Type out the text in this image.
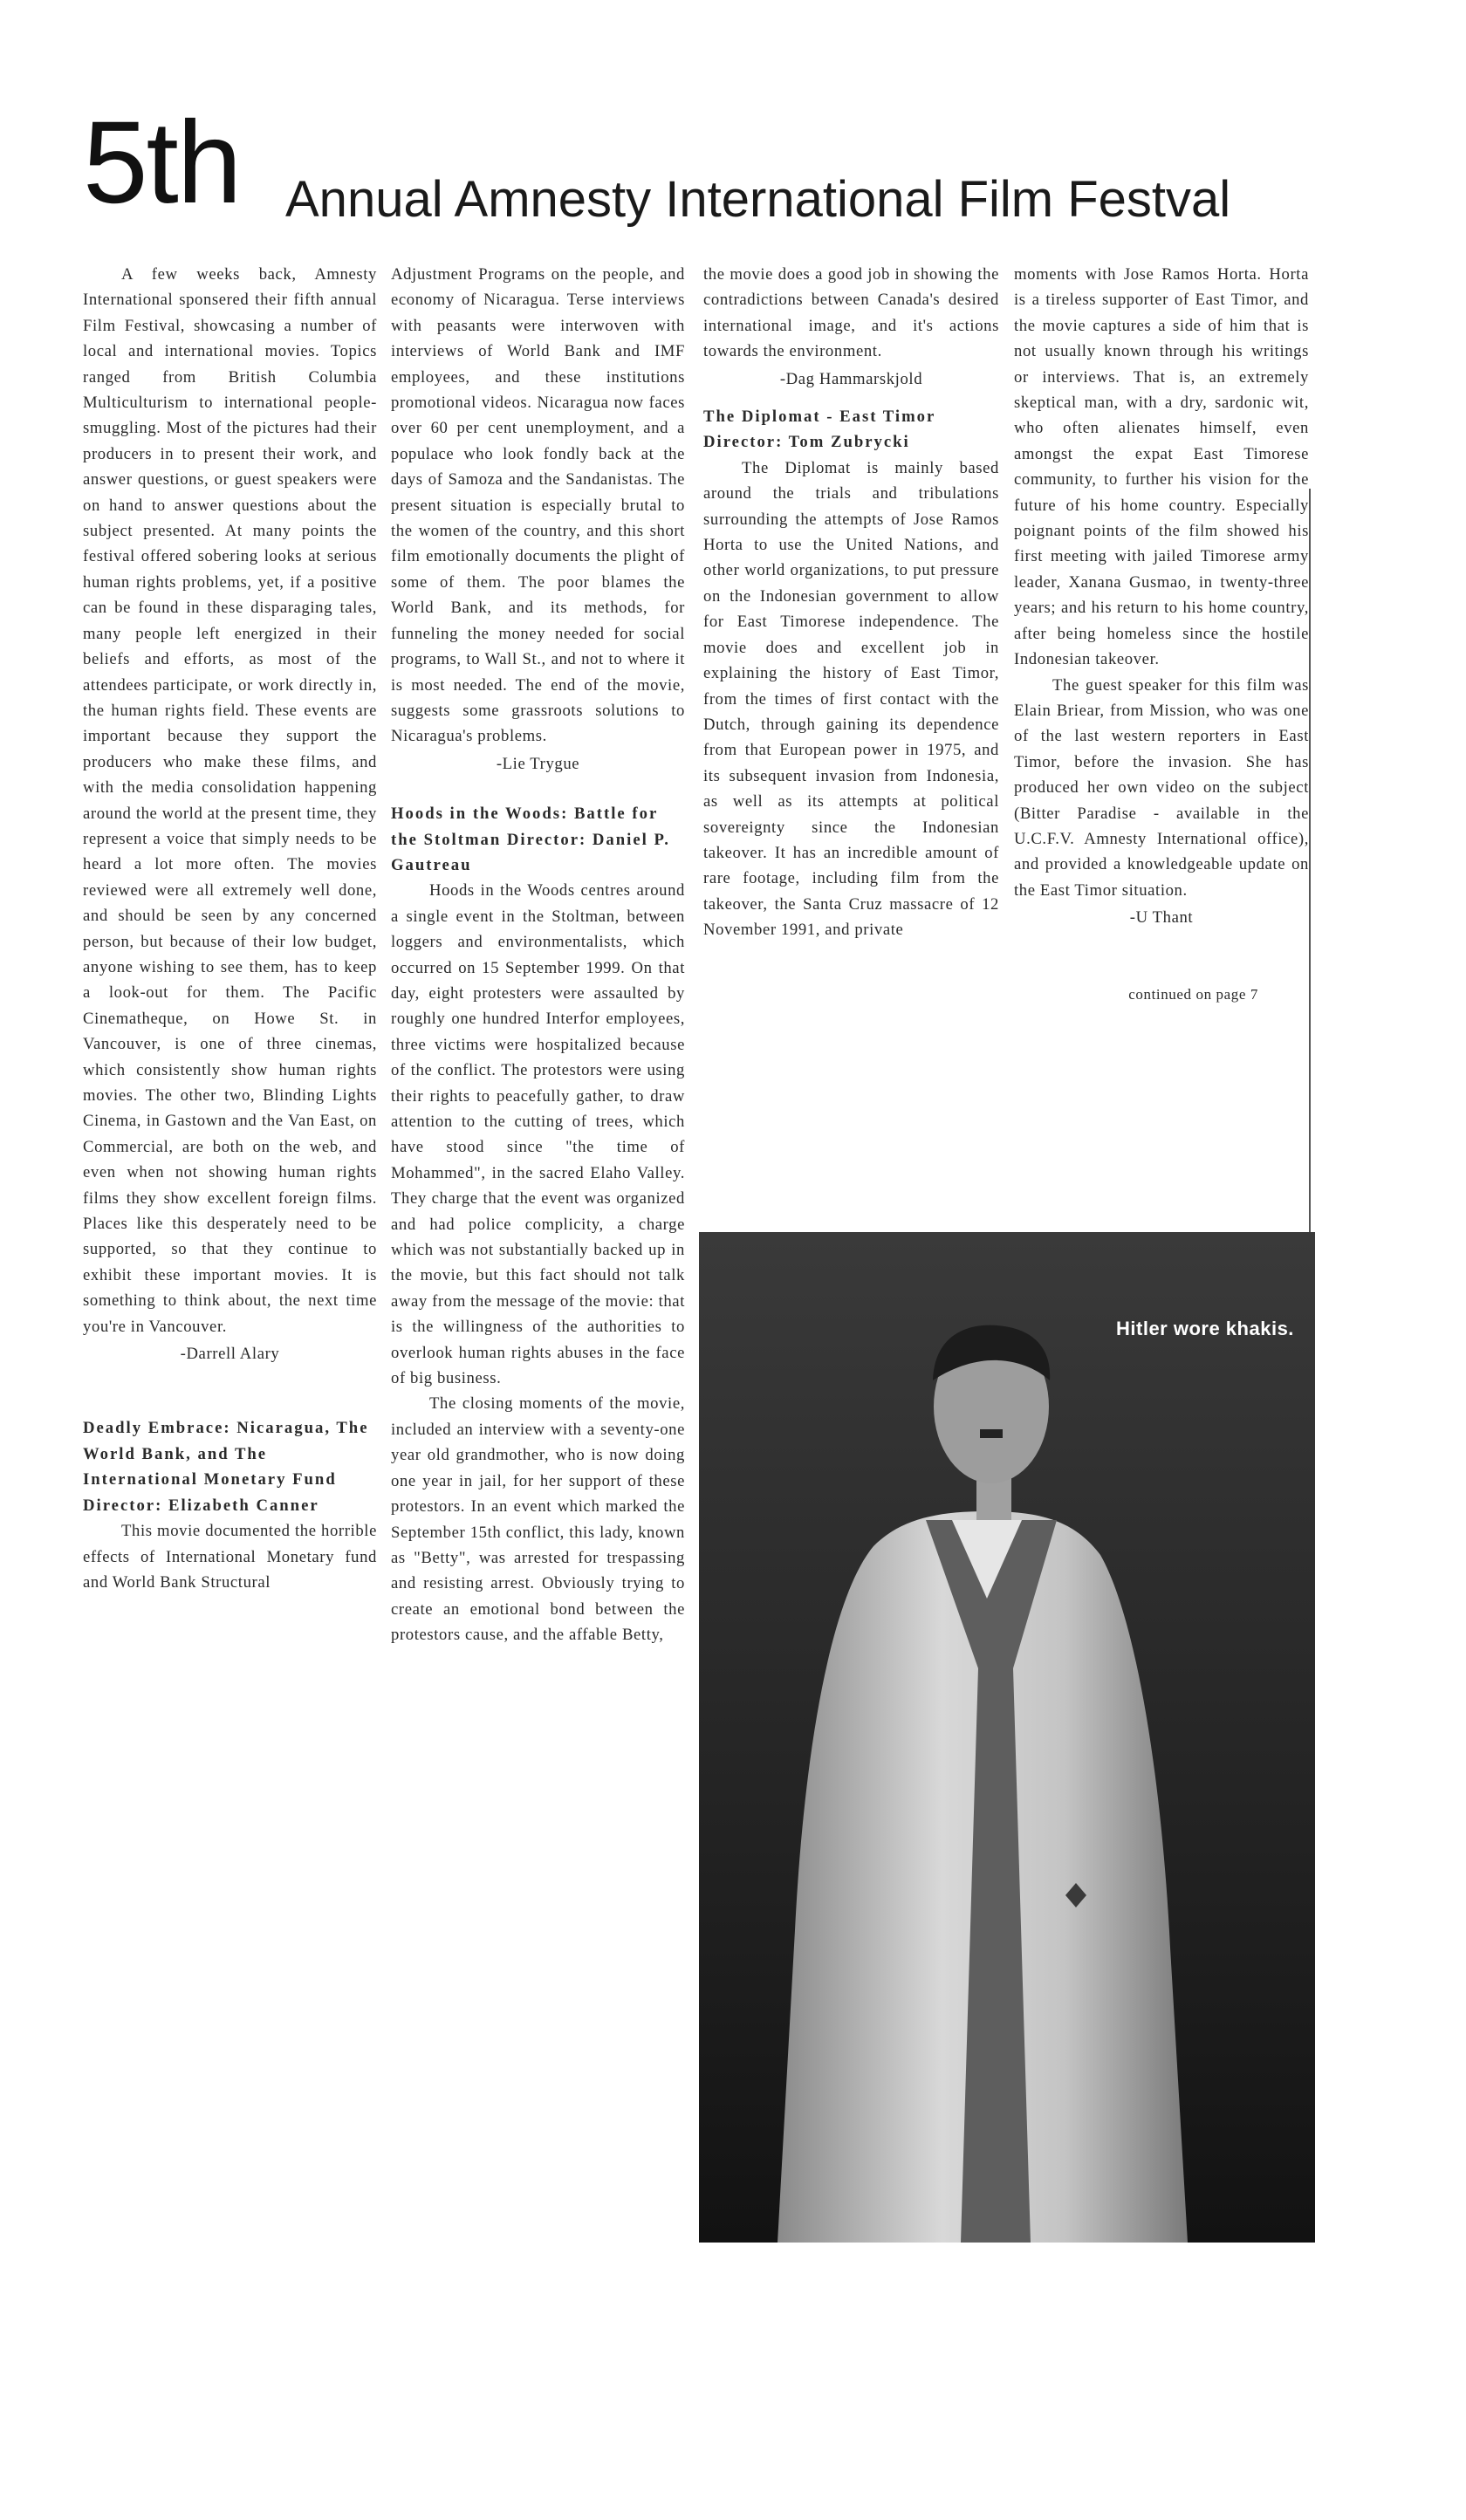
5th Annual Amnesty International Film Festval

A few weeks back, Amnesty International sponsered their fifth annual Film Festival, showcasing a number of local and international movies. Topics ranged from British Columbia Multiculturism to international people-smuggling. Most of the pictures had their producers in to present their work, and answer questions, or guest speakers were on hand to answer questions about the subject presented. At many points the festival offered sobering looks at serious human rights problems, yet, if a positive can be found in these disparaging tales, many people left energized in their beliefs and efforts, as most of the attendees participate, or work directly in, the human rights field. These events are important because they support the producers who make these films, and with the media consolidation happening around the world at the present time, they represent a voice that simply needs to be heard a lot more often. The movies reviewed were all extremely well done, and should be seen by any concerned person, but because of their low budget, anyone wishing to see them, has to keep a look-out for them. The Pacific Cinematheque, on Howe St. in Vancouver, is one of three cinemas, which consistently show human rights movies. The other two, Blinding Lights Cinema, in Gastown and the Van East, on Commercial, are both on the web, and even when not showing human rights films they show excellent foreign films. Places like this desperately need to be supported, so that they continue to exhibit these important movies. It is something to think about, the next time you're in Vancouver.

-Darrell Alary

Deadly Embrace: Nicaragua, The World Bank, and The International Monetary Fund Director: Elizabeth Canner

This movie documented the horrible effects of International Monetary fund and World Bank Structural

Adjustment Programs on the people, and economy of Nicaragua. Terse interviews with peasants were interwoven with interviews of World Bank and IMF employees, and these institutions promotional videos. Nicaragua now faces over 60 per cent unemployment, and a populace who look fondly back at the days of Samoza and the Sandanistas. The present situation is especially brutal to the women of the country, and this short film emotionally documents the plight of some of them. The poor blames the World Bank, and its methods, for funneling the money needed for social programs, to Wall St., and not to where it is most needed. The end of the movie, suggests some grassroots solutions to Nicaragua's problems.

-Lie Trygue

Hoods in the Woods: Battle for the Stoltman Director: Daniel P. Gautreau

Hoods in the Woods centres around a single event in the Stoltman, between loggers and environmentalists, which occurred on 15 September 1999. On that day, eight protesters were assaulted by roughly one hundred Interfor employees, three victims were hospitalized because of the conflict. The protestors were using their rights to peacefully gather, to draw attention to the cutting of trees, which have stood since "the time of Mohammed", in the sacred Elaho Valley. They charge that the event was organized and had police complicity, a charge which was not substantially backed up in the movie, but this fact should not talk away from the message of the movie: that is the willingness of the authorities to overlook human rights abuses in the face of big business.

The closing moments of the movie, included an interview with a seventy-one year old grandmother, who is now doing one year in jail, for her support of these protestors. In an event which marked the September 15th conflict, this lady, known as "Betty", was arrested for trespassing and resisting arrest. Obviously trying to create an emotional bond between the protestors cause, and the affable Betty,

the movie does a good job in showing the contradictions between Canada's desired international image, and it's actions towards the environment.

-Dag Hammarskjold

The Diplomat - East Timor Director: Tom Zubrycki

The Diplomat is mainly based around the trials and tribulations surrounding the attempts of Jose Ramos Horta to use the United Nations, and other world organizations, to put pressure on the Indonesian government to allow for East Timorese independence. The movie does and excellent job in explaining the history of East Timor, from the times of first contact with the Dutch, through gaining its dependence from that European power in 1975, and its subsequent invasion from Indonesia, as well as its attempts at political sovereignty since the Indonesian takeover. It has an incredible amount of rare footage, including film from the takeover, the Santa Cruz massacre of 12 November 1991, and private

moments with Jose Ramos Horta. Horta is a tireless supporter of East Timor, and the movie captures a side of him that is not usually known through his writings or interviews. That is, an extremely skeptical man, with a dry, sardonic wit, who often alienates himself, even amongst the expat East Timorese community, to further his vision for the future of his home country. Especially poignant points of the film showed his first meeting with jailed Timorese army leader, Xanana Gusmao, in twenty-three years; and his return to his home country, after being homeless since the hostile Indonesian takeover.

The guest speaker for this film was Elain Briear, from Mission, who was one of the last western reporters in East Timor, before the invasion. She has produced her own video on the subject (Bitter Paradise - available in the U.C.F.V. Amnesty International office), and provided a knowledgeable update on the East Timor situation.

-U Thant

continued on page 7

Hitler wore khakis.
GAP
KHAKIS
